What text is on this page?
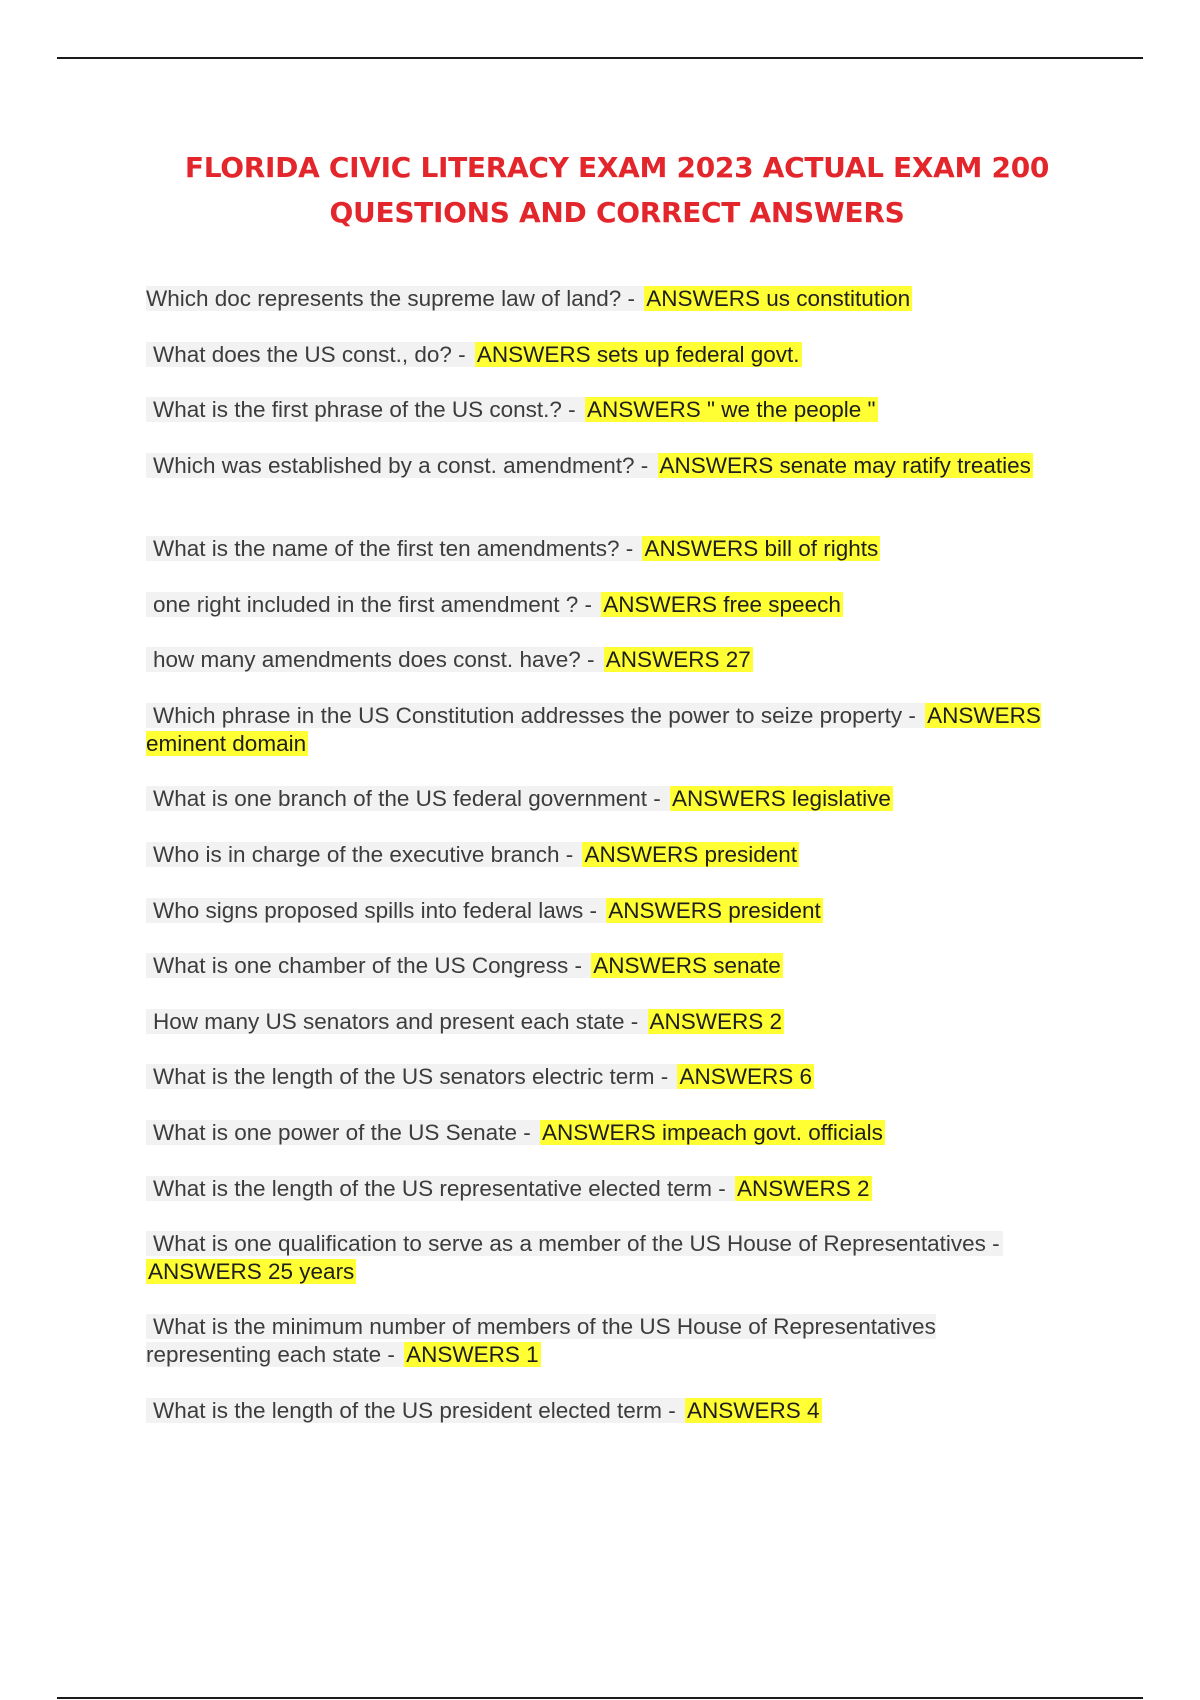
FLORIDA CIVIC LITERACY EXAM 2023 ACTUAL EXAM 200
QUESTIONS AND CORRECT ANSWERS
Which doc represents the supreme law of land? - ANSWERS us constitution
What does the US const., do? - ANSWERS sets up federal govt.
What is the first phrase of the US const.? - ANSWERS " we the people "
Which was established by a const. amendment? - ANSWERS senate may ratify treaties
What is the name of the first ten amendments? - ANSWERS bill of rights
one right included in the first amendment ? - ANSWERS free speech
how many amendments does const. have? - ANSWERS 27
Which phrase in the US Constitution addresses the power to seize property - ANSWERS eminent domain
What is one branch of the US federal government - ANSWERS legislative
Who is in charge of the executive branch - ANSWERS president
Who signs proposed spills into federal laws - ANSWERS president
What is one chamber of the US Congress - ANSWERS senate
How many US senators and present each state - ANSWERS 2
What is the length of the US senators electric term - ANSWERS 6
What is one power of the US Senate - ANSWERS impeach govt. officials
What is the length of the US representative elected term - ANSWERS 2
What is one qualification to serve as a member of the US House of Representatives - ANSWERS 25 years
What is the minimum number of members of the US House of Representatives representing each state - ANSWERS 1
What is the length of the US president elected term - ANSWERS 4
